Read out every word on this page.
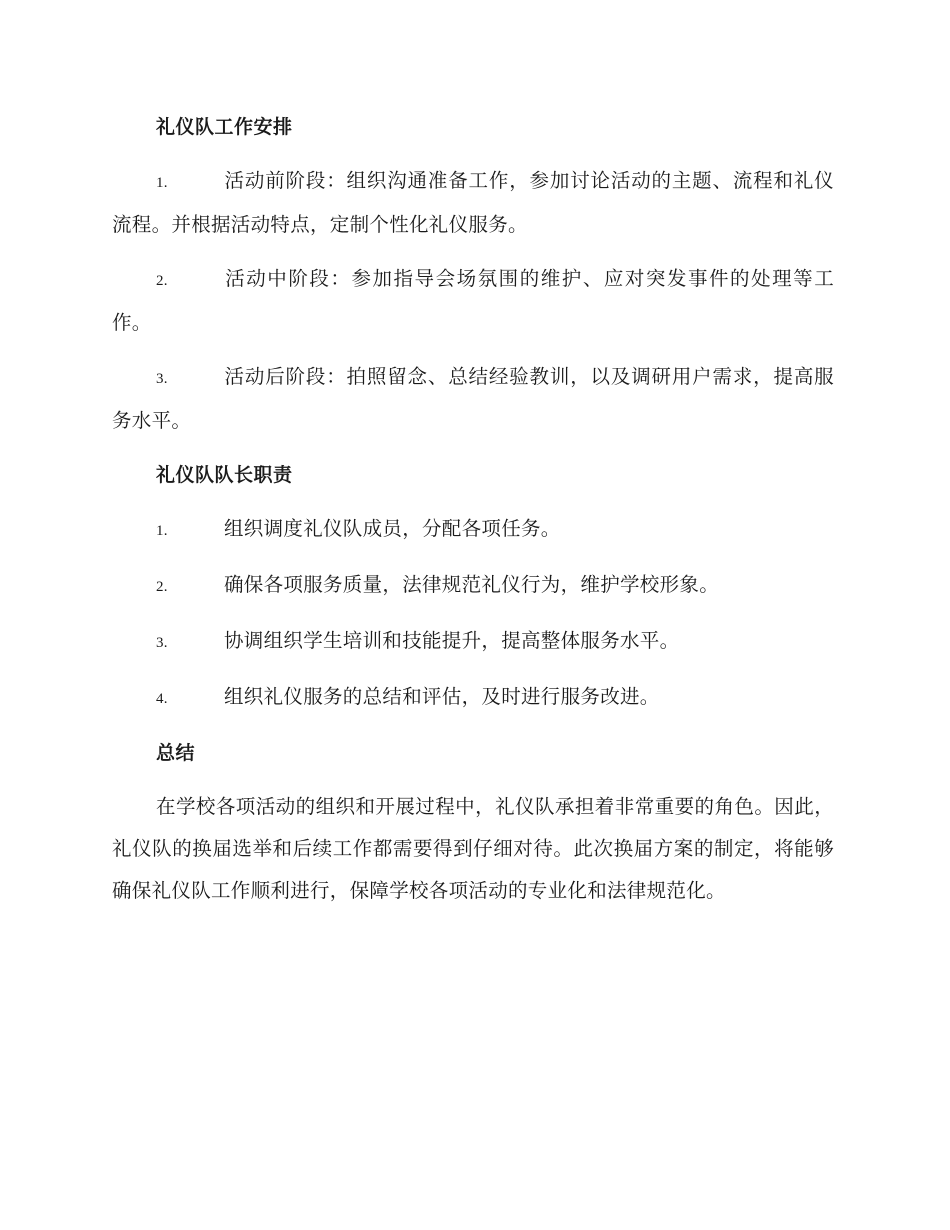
礼仪队工作安排
1.	活动前阶段：组织沟通准备工作，参加讨论活动的主题、流程和礼仪流程。并根据活动特点，定制个性化礼仪服务。
2.	活动中阶段：参加指导会场氛围的维护、应对突发事件的处理等工作。
3.	活动后阶段：拍照留念、总结经验教训，以及调研用户需求，提高服务水平。
礼仪队队长职责
1.	组织调度礼仪队成员，分配各项任务。
2.	确保各项服务质量，法律规范礼仪行为，维护学校形象。
3.	协调组织学生培训和技能提升，提高整体服务水平。
4.	组织礼仪服务的总结和评估，及时进行服务改进。
总结

在学校各项活动的组织和开展过程中，礼仪队承担着非常重要的角色。因此，礼仪队的换届选举和后续工作都需要得到仔细对待。此次换届方案的制定，将能够确保礼仪队工作顺利进行，保障学校各项活动的专业化和法律规范化。
